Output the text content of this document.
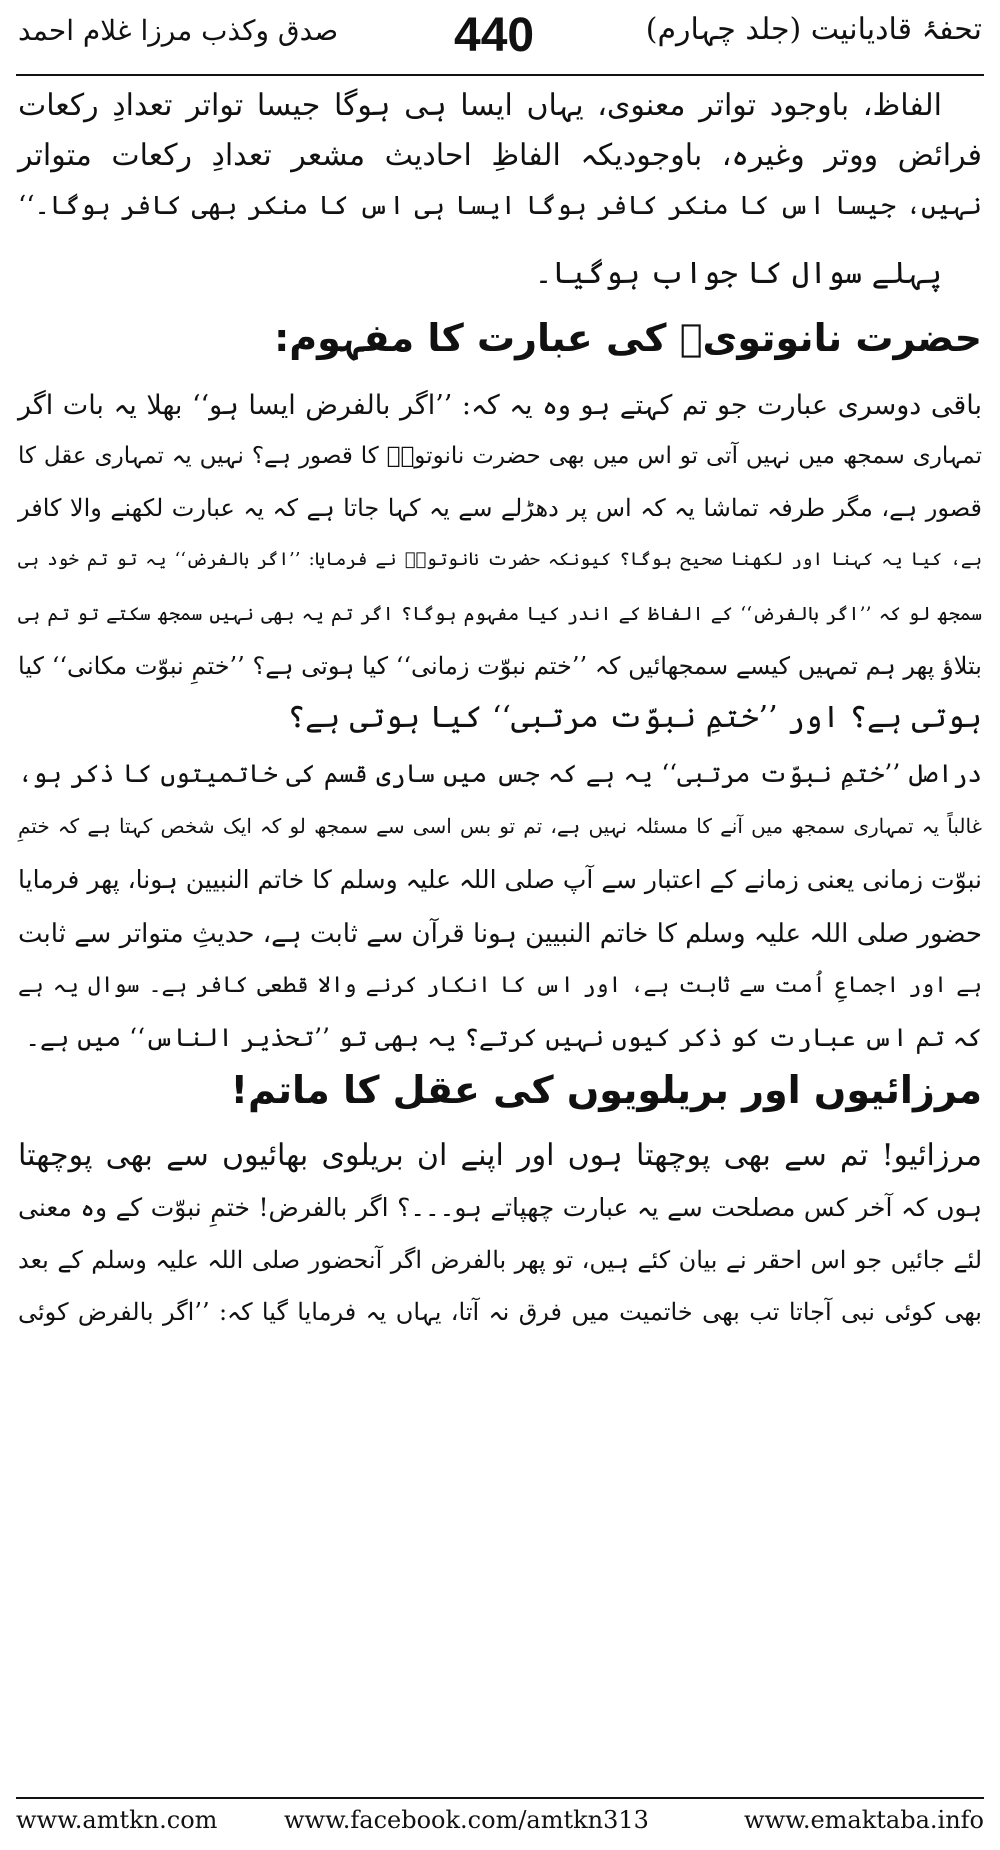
تحفۂ قادیانیت (جلد چہارم)
440
صدق وکذب مرزا غلام احمد
الفاظ، باوجود تواتر معنوی، یہاں ایسا ہی ہوگا جیسا تواتر تعدادِ رکعات
فرائض ووتر وغیرہ، باوجودیکہ الفاظِ احادیث مشعر تعدادِ رکعات متواتر
نہیں، جیسا اس کا منکر کافر ہوگا ایسا ہی اس کا منکر بھی کافر ہوگا۔‘‘
پہلے سوال کا جواب ہوگیا۔
حضرت نانوتویؒ کی عبارت کا مفہوم:
باقی دوسری عبارت جو تم کہتے ہو وہ یہ کہ: ’’اگر بالفرض ایسا ہو‘‘ بھلا یہ بات اگر
تمہاری سمجھ میں نہیں آتی تو اس میں بھی حضرت نانوتویؒ کا قصور ہے؟ نہیں یہ تمہاری عقل کا
قصور ہے، مگر طرفہ تماشا یہ کہ اس پر دھڑلے سے یہ کہا جاتا ہے کہ یہ عبارت لکھنے والا کافر
ہے، کیا یہ کہنا اور لکھنا صحیح ہوگا؟ کیونکہ حضرت نانوتویؒ نے فرمایا: ’’اگر بالفرض‘‘ یہ تو تم خود ہی
سمجھ لو کہ ’’اگر بالفرض‘‘ کے الفاظ کے اندر کیا مفہوم ہوگا؟ اگر تم یہ بھی نہیں سمجھ سکتے تو تم ہی
بتلاؤ پھر ہم تمہیں کیسے سمجھائیں کہ ’’ختم نبوّت زمانی‘‘ کیا ہوتی ہے؟ ’’ختمِ نبوّت مکانی‘‘ کیا
ہوتی ہے؟ اور ’’ختمِ نبوّت مرتبی‘‘ کیا ہوتی ہے؟
دراصل ’’ختمِ نبوّت مرتبی‘‘ یہ ہے کہ جس میں ساری قسم کی خاتمیتوں کا ذکر ہو،
غالباً یہ تمہاری سمجھ میں آنے کا مسئلہ نہیں ہے، تم تو بس اسی سے سمجھ لو کہ ایک شخص کہتا ہے کہ ختمِ
نبوّت زمانی یعنی زمانے کے اعتبار سے آپ صلی اللہ علیہ وسلم کا خاتم النبیین ہونا، پھر فرمایا
حضور صلی اللہ علیہ وسلم کا خاتم النبیین ہونا قرآن سے ثابت ہے، حدیثِ متواتر سے ثابت
ہے اور اجماعِ اُمت سے ثابت ہے، اور اس کا انکار کرنے والا قطعی کافر ہے۔ سوال یہ ہے
کہ تم اس عبارت کو ذکر کیوں نہیں کرتے؟ یہ بھی تو ’’تحذیر الناس‘‘ میں ہے۔
مرزائیوں اور بریلویوں کی عقل کا ماتم!
مرزائیو! تم سے بھی پوچھتا ہوں اور اپنے ان بریلوی بھائیوں سے بھی پوچھتا
ہوں کہ آخر کس مصلحت سے یہ عبارت چھپاتے ہو۔۔۔؟ اگر بالفرض! ختمِ نبوّت کے وہ معنی
لئے جائیں جو اس احقر نے بیان کئے ہیں، تو پھر بالفرض اگر آنحضور صلی اللہ علیہ وسلم کے بعد
بھی کوئی نبی آجاتا تب بھی خاتمیت میں فرق نہ آتا، یہاں یہ فرمایا گیا کہ: ’’اگر بالفرض کوئی
www.amtkn.com	www.facebook.com/amtkn313	www.emaktaba.info
